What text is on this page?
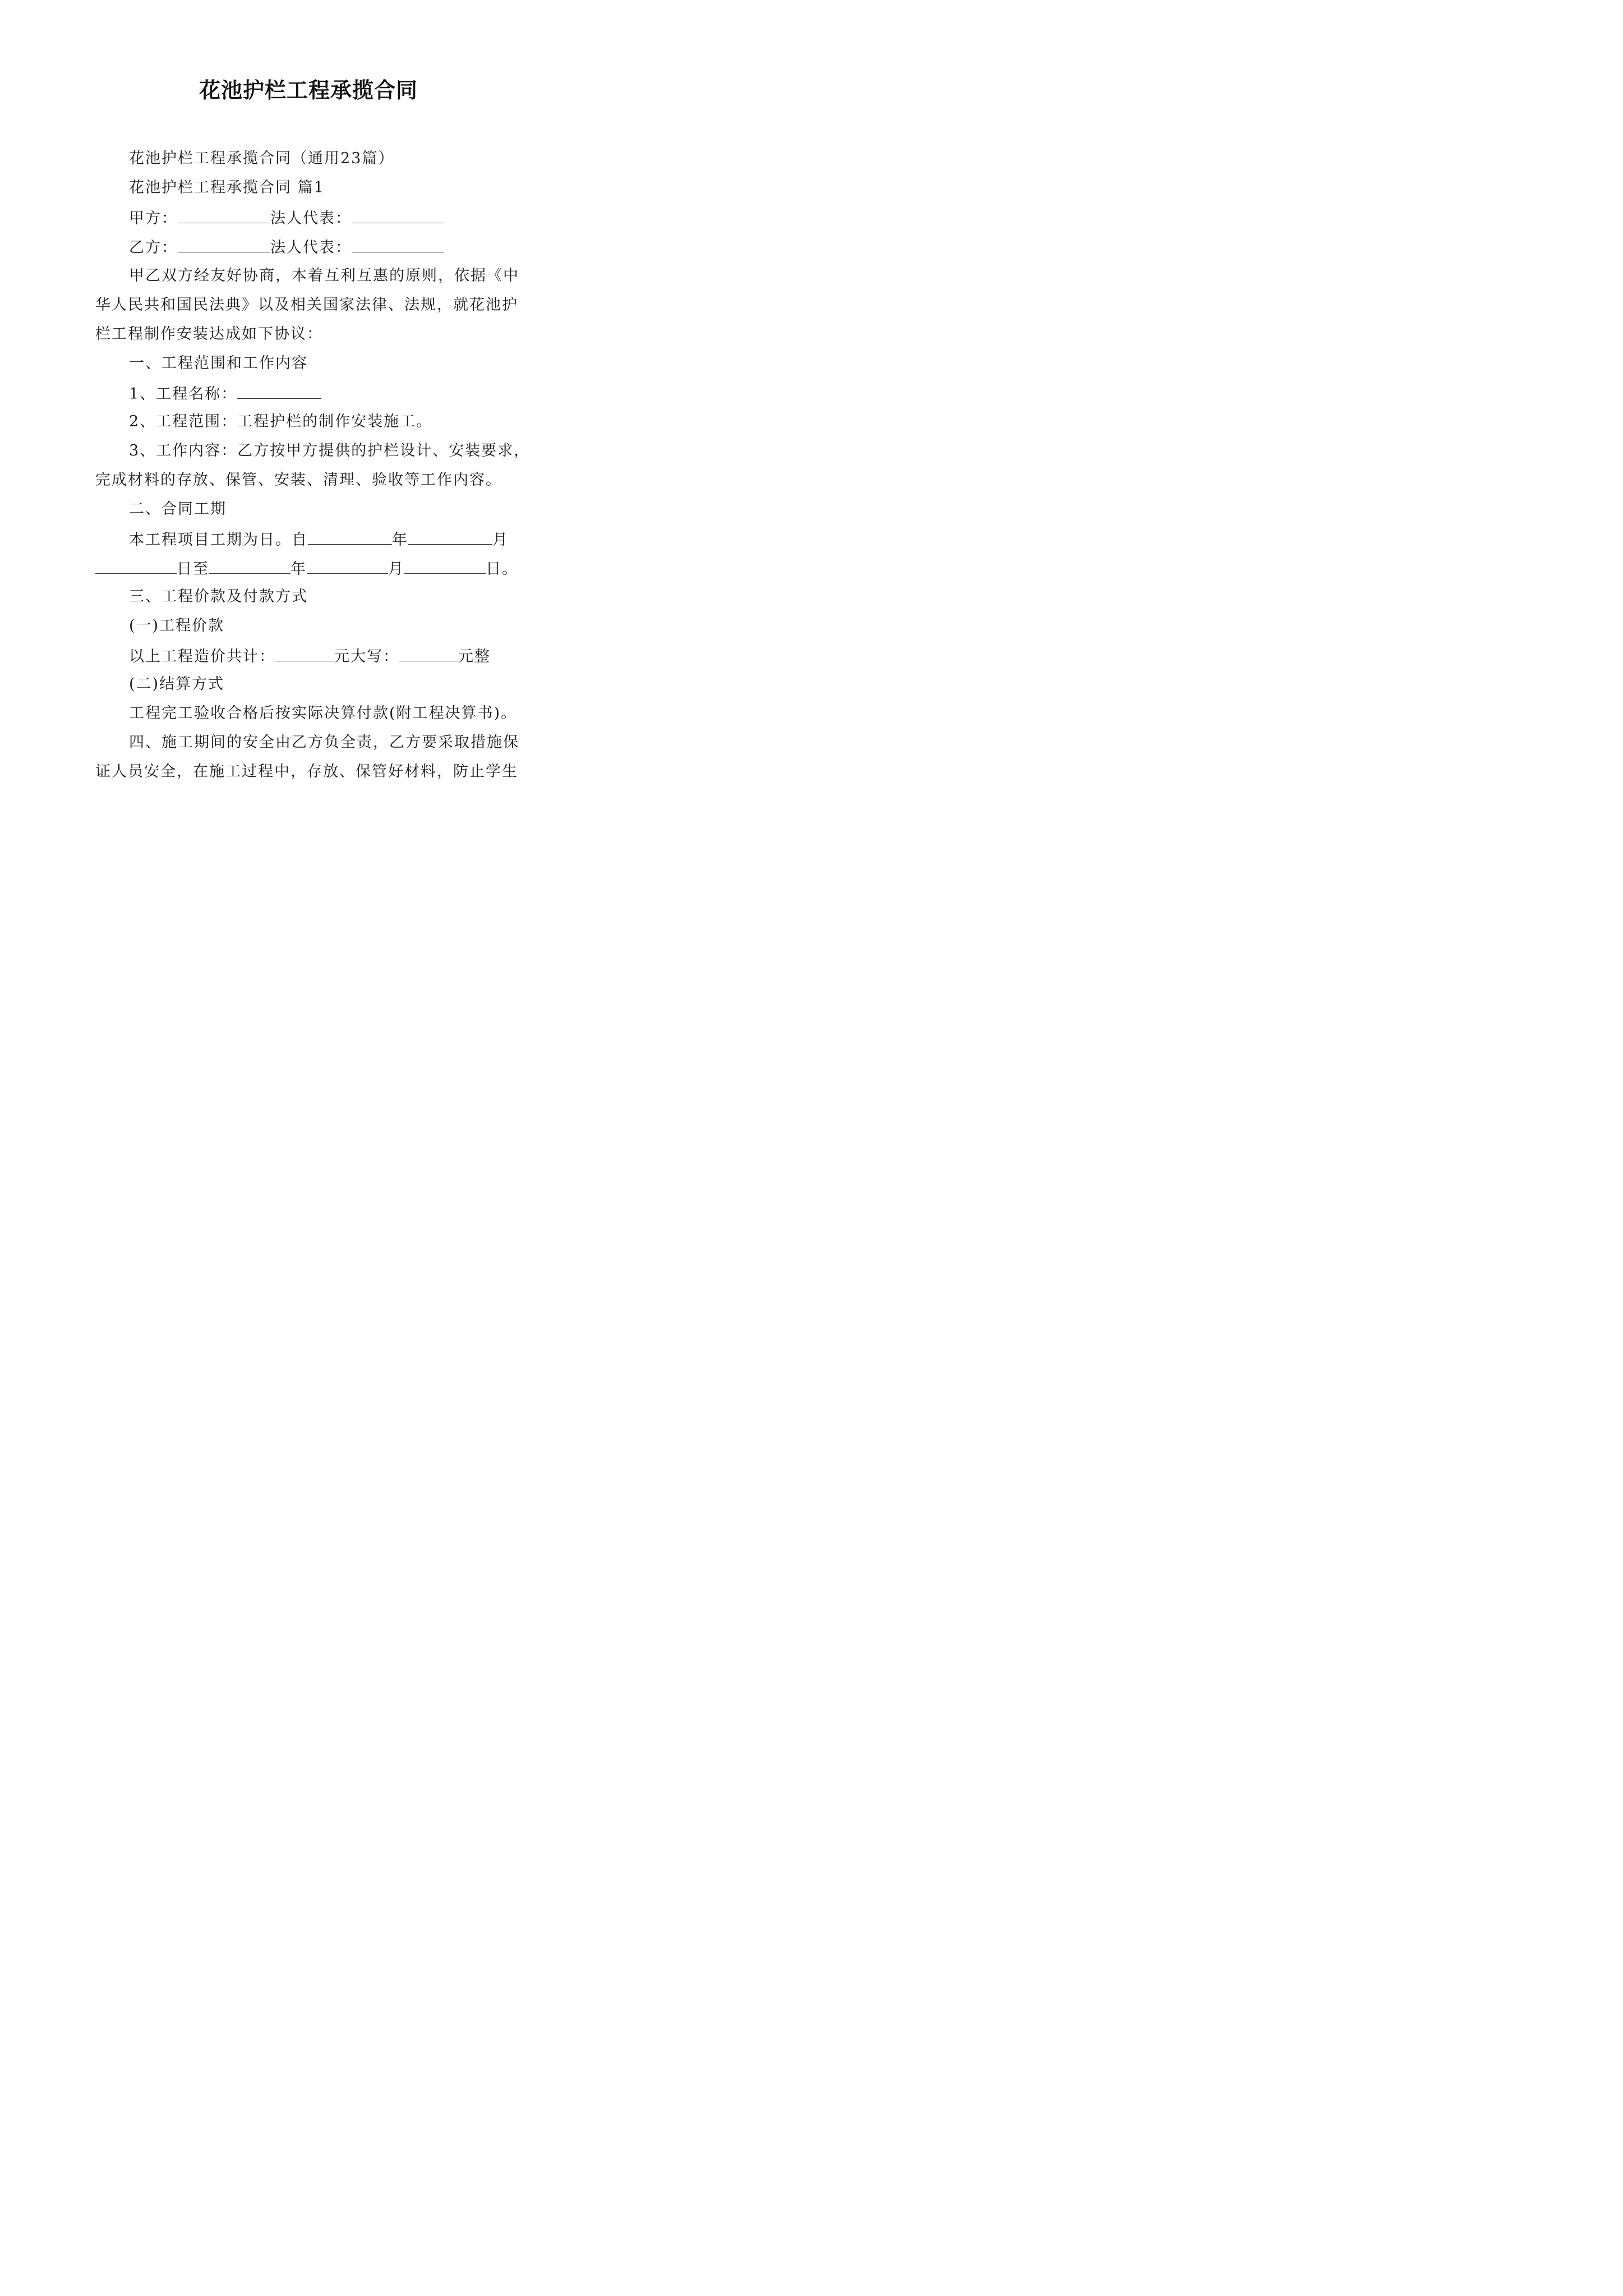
花池护栏工程承揽合同
花池护栏工程承揽合同（通用23篇）
花池护栏工程承揽合同 篇1
甲方：	法人代表：
乙方：	法人代表：
甲乙双方经友好协商，本着互利互惠的原则，依据《中
华人民共和国民法典》以及相关国家法律、法规，就花池护
栏工程制作安装达成如下协议：
一、工程范围和工作内容
1、工程名称：
2、工程范围：工程护栏的制作安装施工。
3、工作内容：乙方按甲方提供的护栏设计、安装要求，
完成材料的存放、保管、安装、清理、验收等工作内容。
二、合同工期
本工程项目工期为日。自	年	月
日至	年	月	日。
三、工程价款及付款方式
(一)工程价款
以上工程造价共计：	元大写：	元整
(二)结算方式
工程完工验收合格后按实际决算付款(附工程决算书)。
四、施工期间的安全由乙方负全责，乙方要采取措施保
证人员安全，在施工过程中，存放、保管好材料，防止学生
